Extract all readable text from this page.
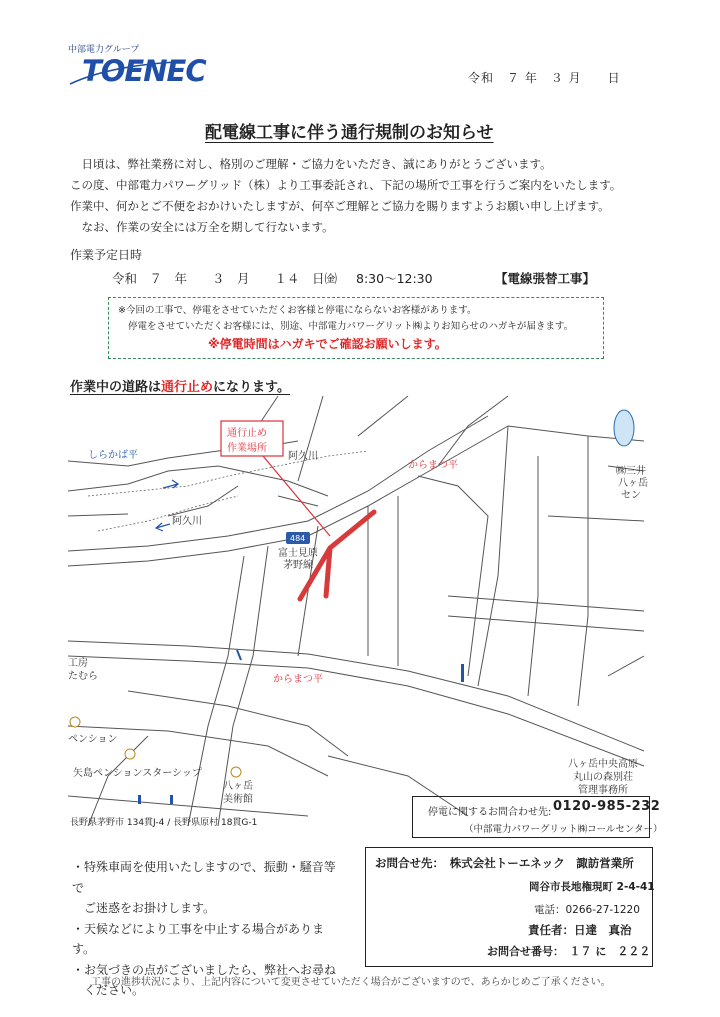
中部電力グループ
TOENEC	令和　７ 年　３ 月　　日
配電線工事に伴う通行規制のお知らせ
　日頃は、弊社業務に対し、格別のご理解・ご協力をいただき、誠にありがとうございます。
この度、中部電力パワーグリッド（株）より工事委託され、下記の場所で工事を行うご案内をいたします。
作業中、何かとご不便をおかけいたしますが、何卒ご理解とご協力を賜りますようお願い申し上げます。
　なお、作業の安全には万全を期して行ないます。
作業予定日時
令和　７　年　　３　月　　１４　日㈮ 8:30～12:30	【電線張替工事】
※今回の工事で、停電をさせていただくお客様と停電にならないお客様があります。
停電をさせていただくお客様には、別途、中部電力パワーグリット㈱よりお知らせのハガキが届きます。
※停電時間はハガキでご確認お願いします。
作業中の道路は通行止めになります。
通行止め
作業場所
484
しらかば平
からまつ平
からまつ平
阿久川
阿久川
富士見原
茅野線
工房
たむら
ペンション
矢島ペンションスターシップ
八ヶ岳
美術館
㈱三井
八ヶ岳
セン
八ヶ岳中央高原
丸山の森別荘
管理事務所
長野県茅野市 134貫J-4 / 長野県原村 18貫G-1
停電に関するお問合わせ先: 0120-985-232
（中部電力パワーグリット㈱コールセンター）
・特殊車両を使用いたしますので、振動・騒音等で
　ご迷惑をお掛けします。
・天候などにより工事を中止する場合があります。
・お気づきの点がございましたら、弊社へお尋ね
　ください。
お問合せ先：　株式会社トーエネック　諏訪営業所
岡谷市長地権現町 2-4-41
電話：0266-27-1220
責任者：日達　真治
お問合せ番号：　１７ に　２２２
工事の進捗状況により、上記内容について変更させていただく場合がございますので、あらかじめご了承ください。
